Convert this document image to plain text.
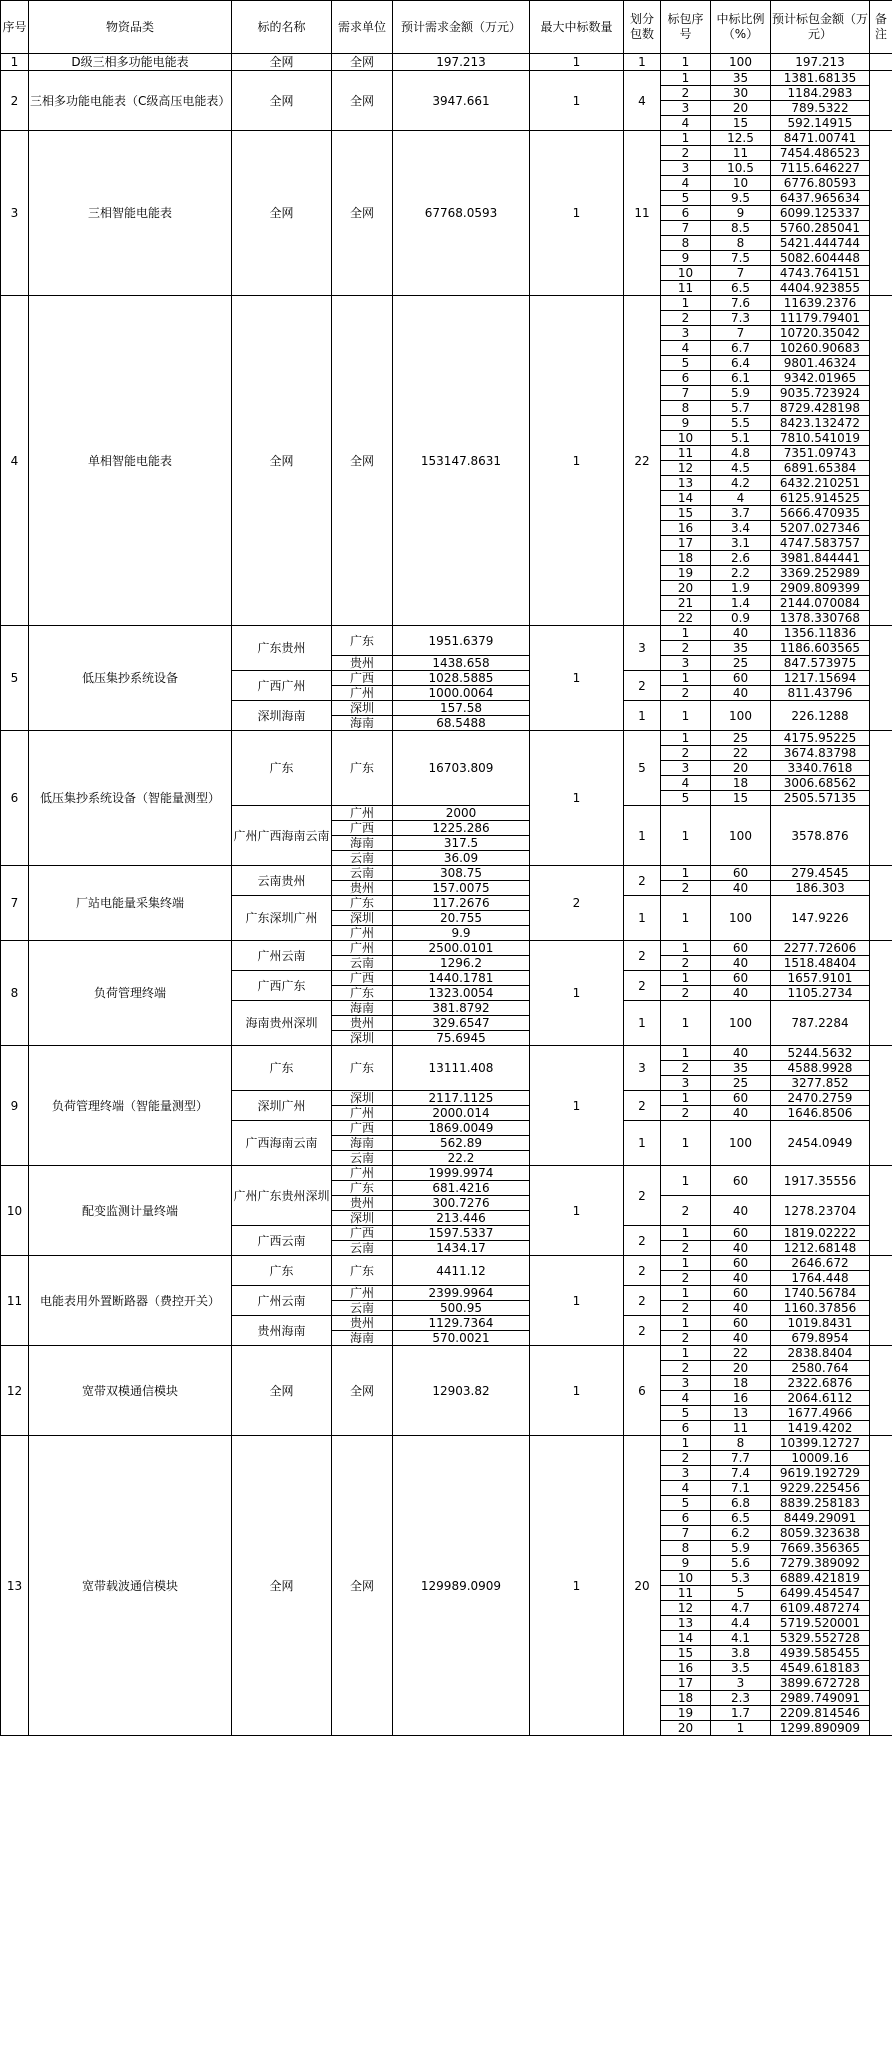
序号	物资品类	标的名称	需求单位	预计需求金额（万元）	最大中标数量	划分包数	标包序号	中标比例（%）	预计标包金额（万元）	备注
1	D级三相多功能电能表	全网	全网	197.213	1	1	1	100	197.213	
2	三相多功能电能表（C级高压电能表）	全网	全网	3947.661	1	4	1	35	1381.68135	
							2	30	1184.2983	
							3	20	789.5322	
							4	15	592.14915	
3	三相智能电能表	全网	全网	67768.0593	1	11	1	12.5	8471.00741	
							2	11	7454.486523	
							3	10.5	7115.646227	
							4	10	6776.80593	
							5	9.5	6437.965634	
							6	9	6099.125337	
							7	8.5	5760.285041	
							8	8	5421.444744	
							9	7.5	5082.604448	
							10	7	4743.764151	
							11	6.5	4404.923855	
4	单相智能电能表	全网	全网	153147.8631	1	22	1	7.6	11639.2376	
							2	7.3	11179.79401	
							3	7	10720.35042	
							4	6.7	10260.90683	
							5	6.4	9801.46324	
							6	6.1	9342.01965	
							7	5.9	9035.723924	
							8	5.7	8729.428198	
							9	5.5	8423.132472	
							10	5.1	7810.541019	
							11	4.8	7351.09743	
							12	4.5	6891.65384	
							13	4.2	6432.210251	
							14	4	6125.914525	
							15	3.7	5666.470935	
							16	3.4	5207.027346	
							17	3.1	4747.583757	
							18	2.6	3981.844441	
							19	2.2	3369.252989	
							20	1.9	2909.809399	
							21	1.4	2144.070084	
							22	0.9	1378.330768	
5	低压集抄系统设备	广东贵州	广东	1951.6379	1	3	1	40	1356.11836	
							2	35	1186.603565	
			贵州	1438.658			3	25	847.573975	
		广西广州	广西	1028.5885		2	1	60	1217.15694	
			广州	1000.0064			2	40	811.43796	
		深圳海南	深圳	157.58		1	1	100	226.1288	
			海南	68.5488						
6	低压集抄系统设备（智能量测型）	广东	广东	16703.809	1	5	1	25	4175.95225	
							2	22	3674.83798	
							3	20	3340.7618	
							4	18	3006.68562	
							5	15	2505.57135	
		广州广西海南云南	广州	2000		1	1	100	3578.876	
			广西	1225.286						
			海南	317.5						
			云南	36.09						
7	厂站电能量采集终端	云南贵州	云南	308.75	2	2	1	60	279.4545	
			贵州	157.0075			2	40	186.303	
		广东深圳广州	广东	117.2676		1	1	100	147.9226	
			深圳	20.755						
			广州	9.9						
8	负荷管理终端	广州云南	广州	2500.0101	1	2	1	60	2277.72606	
			云南	1296.2			2	40	1518.48404	
		广西广东	广西	1440.1781		2	1	60	1657.9101	
			广东	1323.0054			2	40	1105.2734	
		海南贵州深圳	海南	381.8792		1	1	100	787.2284	
			贵州	329.6547						
			深圳	75.6945						
9	负荷管理终端（智能量测型）	广东	广东	13111.408	1	3	1	40	5244.5632	
							2	35	4588.9928	
							3	25	3277.852	
		深圳广州	深圳	2117.1125		2	1	60	2470.2759	
			广州	2000.014			2	40	1646.8506	
		广西海南云南	广西	1869.0049		1	1	100	2454.0949	
			海南	562.89						
			云南	22.2						
10	配变监测计量终端	广州广东贵州深圳	广州	1999.9974	1	2	1	60	1917.35556	
			广东	681.4216						
			贵州	300.7276			2	40	1278.23704	
			深圳	213.446						
		广西云南	广西	1597.5337		2	1	60	1819.02222	
			云南	1434.17			2	40	1212.68148	
11	电能表用外置断路器（费控开关）	广东	广东	4411.12	1	2	1	60	2646.672	
							2	40	1764.448	
		广州云南	广州	2399.9964		2	1	60	1740.56784	
			云南	500.95			2	40	1160.37856	
		贵州海南	贵州	1129.7364		2	1	60	1019.8431	
			海南	570.0021			2	40	679.8954	
12	宽带双模通信模块	全网	全网	12903.82	1	6	1	22	2838.8404	
							2	20	2580.764	
							3	18	2322.6876	
							4	16	2064.6112	
							5	13	1677.4966	
							6	11	1419.4202	
13	宽带载波通信模块	全网	全网	129989.0909	1	20	1	8	10399.12727	
							2	7.7	10009.16	
							3	7.4	9619.192729	
							4	7.1	9229.225456	
							5	6.8	8839.258183	
							6	6.5	8449.29091	
							7	6.2	8059.323638	
							8	5.9	7669.356365	
							9	5.6	7279.389092	
							10	5.3	6889.421819	
							11	5	6499.454547	
							12	4.7	6109.487274	
							13	4.4	5719.520001	
							14	4.1	5329.552728	
							15	3.8	4939.585455	
							16	3.5	4549.618183	
							17	3	3899.672728	
							18	2.3	2989.749091	
							19	1.7	2209.814546	
							20	1	1299.890909	
